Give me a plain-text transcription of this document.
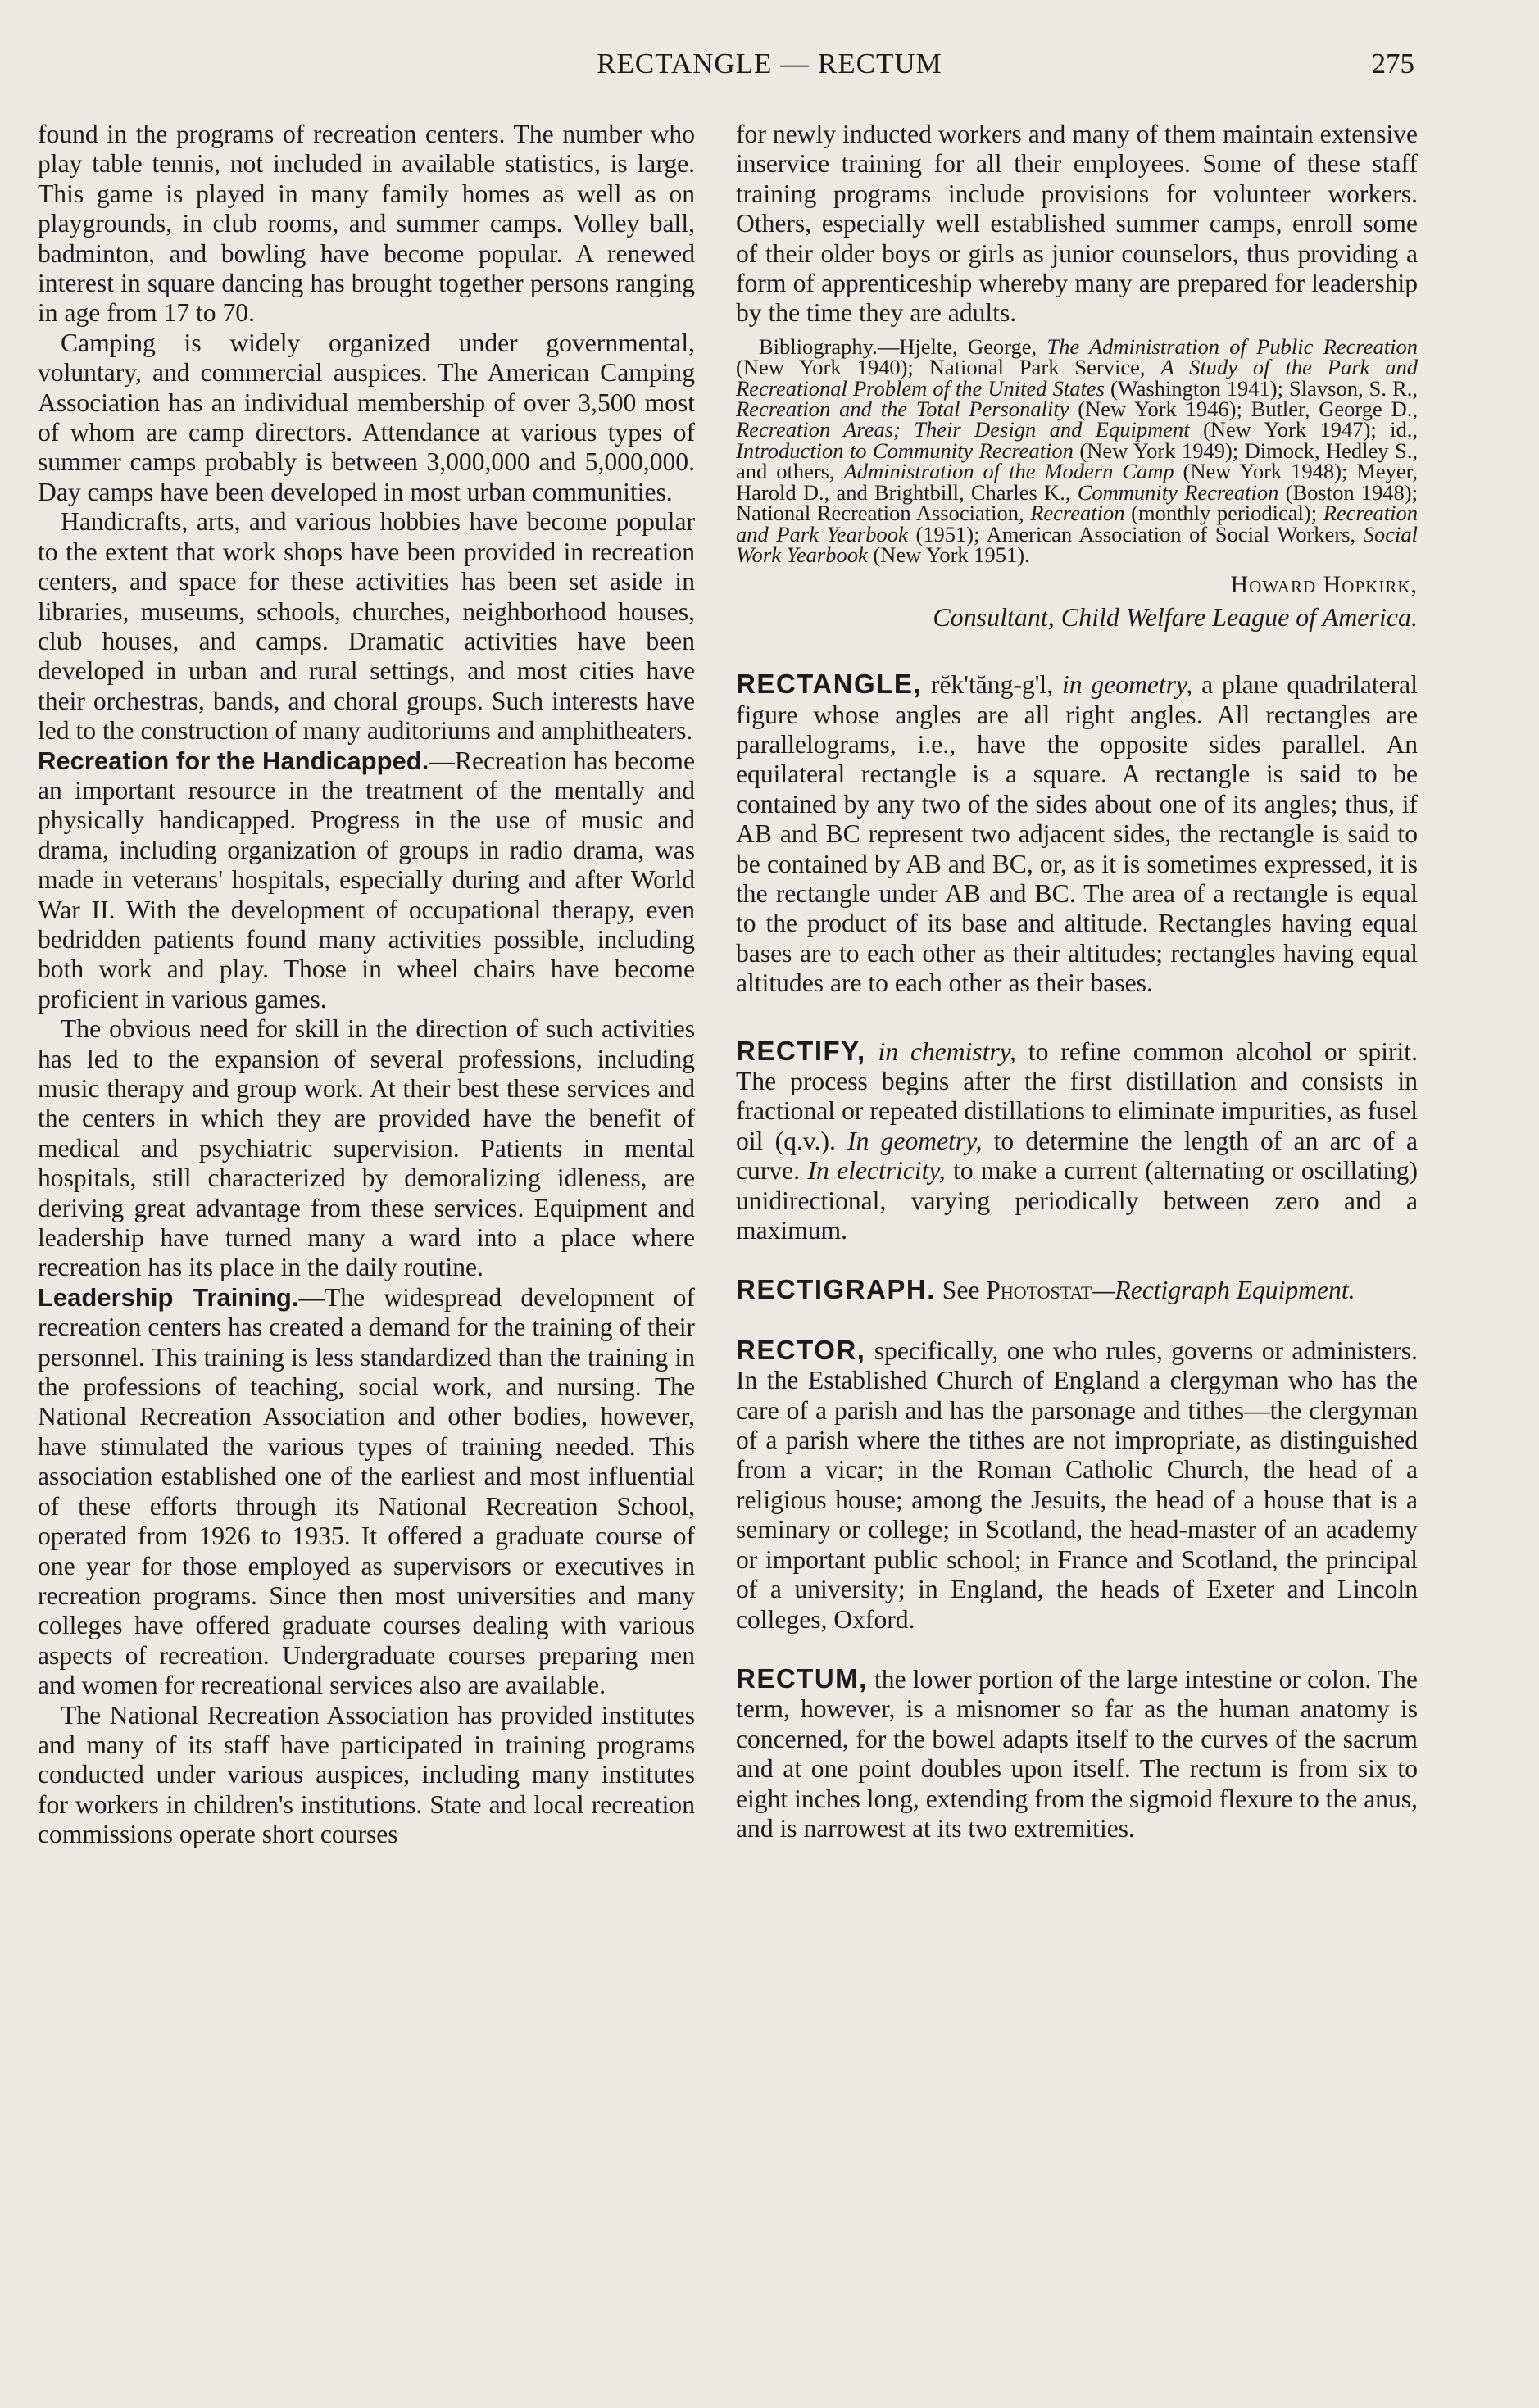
RECTANGLE — RECTUM	275

found in the programs of recreation centers. The number who play table tennis, not included in available statistics, is large. This game is played in many family homes as well as on playgrounds, in club rooms, and summer camps. Volley ball, badminton, and bowling have become popular. A renewed interest in square dancing has brought together persons ranging in age from 17 to 70.

Camping is widely organized under governmental, voluntary, and commercial auspices. The American Camping Association has an individual membership of over 3,500 most of whom are camp directors. Attendance at various types of summer camps probably is between 3,000,000 and 5,000,000. Day camps have been developed in most urban communities.

Handicrafts, arts, and various hobbies have become popular to the extent that work shops have been provided in recreation centers, and space for these activities has been set aside in libraries, museums, schools, churches, neighborhood houses, club houses, and camps. Dramatic activities have been developed in urban and rural settings, and most cities have their orchestras, bands, and choral groups. Such interests have led to the construction of many auditoriums and amphitheaters.

Recreation for the Handicapped.—Recreation has become an important resource in the treatment of the mentally and physically handicapped. Progress in the use of music and drama, including organization of groups in radio drama, was made in veterans' hospitals, especially during and after World War II. With the development of occupational therapy, even bedridden patients found many activities possible, including both work and play. Those in wheel chairs have become proficient in various games.

The obvious need for skill in the direction of such activities has led to the expansion of several professions, including music therapy and group work. At their best these services and the centers in which they are provided have the benefit of medical and psychiatric supervision. Patients in mental hospitals, still characterized by demoralizing idleness, are deriving great advantage from these services. Equipment and leadership have turned many a ward into a place where recreation has its place in the daily routine.

Leadership Training.—The widespread development of recreation centers has created a demand for the training of their personnel. This training is less standardized than the training in the professions of teaching, social work, and nursing. The National Recreation Association and other bodies, however, have stimulated the various types of training needed. This association established one of the earliest and most influential of these efforts through its National Recreation School, operated from 1926 to 1935. It offered a graduate course of one year for those employed as supervisors or executives in recreation programs. Since then most universities and many colleges have offered graduate courses dealing with various aspects of recreation. Undergraduate courses preparing men and women for recreational services also are available.

The National Recreation Association has provided institutes and many of its staff have participated in training programs conducted under various auspices, including many institutes for workers in children's institutions. State and local recreation commissions operate short courses

for newly inducted workers and many of them maintain extensive inservice training for all their employees. Some of these staff training programs include provisions for volunteer workers. Others, especially well established summer camps, enroll some of their older boys or girls as junior counselors, thus providing a form of apprenticeship whereby many are prepared for leadership by the time they are adults.

Bibliography.—Hjelte, George, The Administration of Public Recreation (New York 1940); National Park Service, A Study of the Park and Recreational Problem of the United States (Washington 1941); Slavson, S. R., Recreation and the Total Personality (New York 1946); Butler, George D., Recreation Areas; Their Design and Equipment (New York 1947); id., Introduction to Community Recreation (New York 1949); Dimock, Hedley S., and others, Administration of the Modern Camp (New York 1948); Meyer, Harold D., and Brightbill, Charles K., Community Recreation (Boston 1948); National Recreation Association, Recreation (monthly periodical); Recreation and Park Yearbook (1951); American Association of Social Workers, Social Work Yearbook (New York 1951).

Howard Hopkirk,
Consultant, Child Welfare League of America.

RECTANGLE, rĕk'tăng-g'l, in geometry, a plane quadrilateral figure whose angles are all right angles. All rectangles are parallelograms, i.e., have the opposite sides parallel. An equilateral rectangle is a square. A rectangle is said to be contained by any two of the sides about one of its angles; thus, if AB and BC represent two adjacent sides, the rectangle is said to be contained by AB and BC, or, as it is sometimes expressed, it is the rectangle under AB and BC. The area of a rectangle is equal to the product of its base and altitude. Rectangles having equal bases are to each other as their altitudes; rectangles having equal altitudes are to each other as their bases.

RECTIFY, in chemistry, to refine common alcohol or spirit. The process begins after the first distillation and consists in fractional or repeated distillations to eliminate impurities, as fusel oil (q.v.). In geometry, to determine the length of an arc of a curve. In electricity, to make a current (alternating or oscillating) unidirectional, varying periodically between zero and a maximum.

RECTIGRAPH. See Photostat—Rectigraph Equipment.

RECTOR, specifically, one who rules, governs or administers. In the Established Church of England a clergyman who has the care of a parish and has the parsonage and tithes—the clergyman of a parish where the tithes are not impropriate, as distinguished from a vicar; in the Roman Catholic Church, the head of a religious house; among the Jesuits, the head of a house that is a seminary or college; in Scotland, the head-master of an academy or important public school; in France and Scotland, the principal of a university; in England, the heads of Exeter and Lincoln colleges, Oxford.

RECTUM, the lower portion of the large intestine or colon. The term, however, is a misnomer so far as the human anatomy is concerned, for the bowel adapts itself to the curves of the sacrum and at one point doubles upon itself. The rectum is from six to eight inches long, extending from the sigmoid flexure to the anus, and is narrowest at its two extremities.
